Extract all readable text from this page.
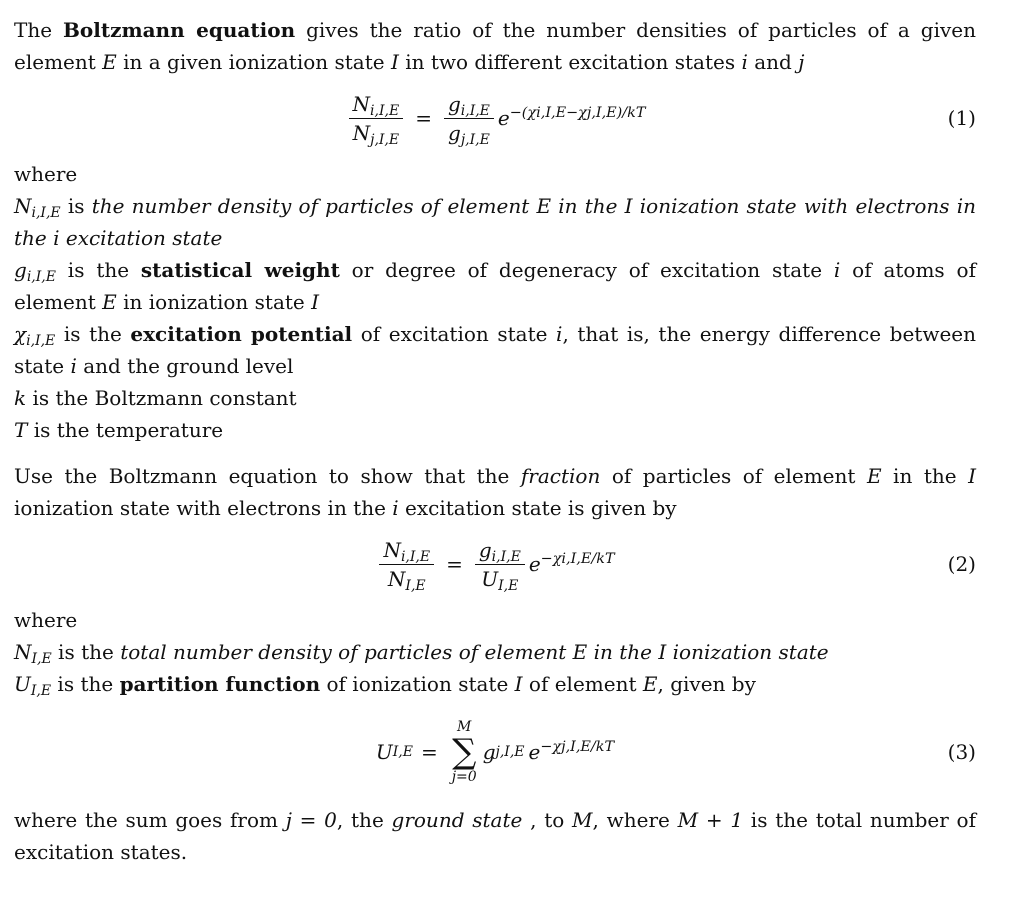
The Boltzmann equation gives the ratio of the number densities of particles of a given element E in a given ionization state I in two different excitation states i and j

$\frac{N_{i,I,E}}{N_{j,I,E}} = \frac{g_{i,I,E}}{g_{j,I,E}} e^{-(\chi i,I,E-\chi j,I,E)/kT}$	(1)

where

$N_{i,I,E}$ is the number density of particles of element E in the I ionization state with electrons in the i excitation state

$g_{i,I,E}$ is the statistical weight or degree of degeneracy of excitation state i of atoms of element E in ionization state I

$\chi_{i,I,E}$ is the excitation potential of excitation state i, that is, the energy difference between state i and the ground level

k is the Boltzmann constant

T is the temperature

Use the Boltzmann equation to show that the fraction of particles of element E in the I ionization state with electrons in the i excitation state is given by

$\frac{N_{i,I,E}}{N_{I,E}} = \frac{g_{i,I,E}}{U_{I,E}} e^{-\chi i,I,E/kT}$	(2)

where

$N_{I,E}$ is the total number density of particles of element E in the I ionization state

$U_{I,E}$ is the partition function of ionization state I of element E, given by

U I,E =
M
∑
j=0
g j,I,E $e^{-\chi j,I,E/kT}$	(3)

where the sum goes from j = 0, the ground state , to M, where M + 1 is the total number of excitation states.
